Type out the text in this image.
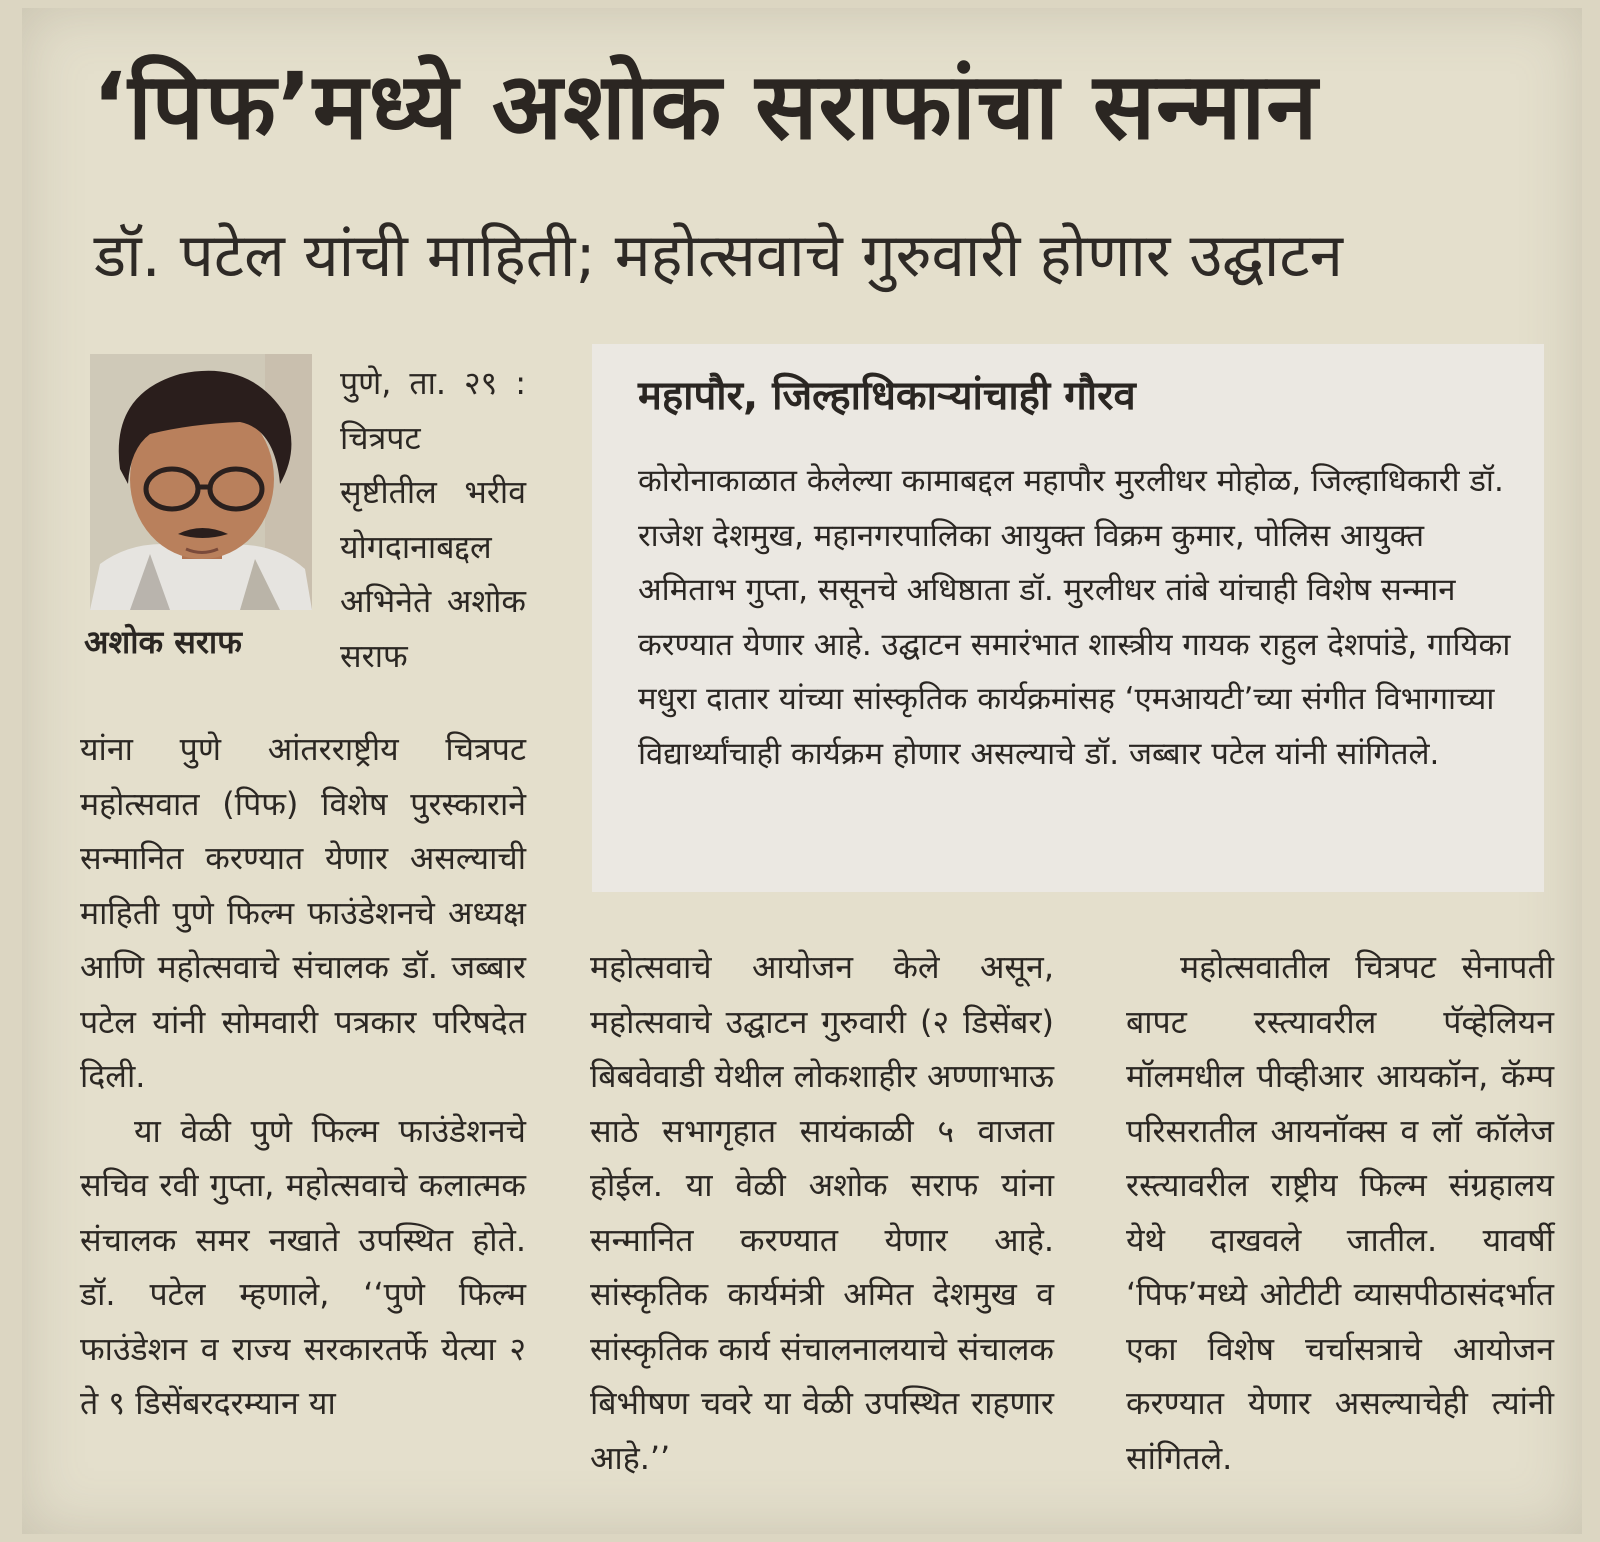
‘पिफ’मध्ये अशोक सराफांचा सन्मान
डॉ. पटेल यांची माहिती; महोत्सवाचे गुरुवारी होणार उद्घाटन
अशोक सराफ

पुणे, ता. २९ : चित्रपट सृष्टीतील भरीव योगदानाबद्दल अभिनेते अशोक सराफ

यांना पुणे आंतरराष्ट्रीय चित्रपट महोत्सवात (पिफ) विशेष पुरस्काराने सन्मानित करण्यात येणार असल्याची माहिती पुणे फिल्म फाउंडेशनचे अध्यक्ष आणि महोत्सवाचे संचालक डॉ. जब्बार पटेल यांनी सोमवारी पत्रकार परिषदेत दिली.

या वेळी पुणे फिल्म फाउंडेशनचे सचिव रवी गुप्ता, महोत्सवाचे कलात्मक संचालक समर नखाते उपस्थित होते. डॉ. पटेल म्हणाले, ‘‘पुणे फिल्म फाउंडेशन व राज्य सरकारतर्फे येत्या २ ते ९ डिसेंबरदरम्यान या

महापौर, जिल्हाधिकाऱ्यांचाही गौरव
कोरोनाकाळात केलेल्या कामाबद्दल महापौर मुरलीधर मोहोळ, जिल्हाधिकारी डॉ. राजेश देशमुख, महानगरपालिका आयुक्त विक्रम कुमार, पोलिस आयुक्त अमिताभ गुप्ता, ससूनचे अधिष्ठाता डॉ. मुरलीधर तांबे यांचाही विशेष सन्मान करण्यात येणार आहे. उद्घाटन समारंभात शास्त्रीय गायक राहुल देशपांडे, गायिका मधुरा दातार यांच्या सांस्कृतिक कार्यक्रमांसह ‘एमआयटी’च्या संगीत विभागाच्या विद्यार्थ्यांचाही कार्यक्रम होणार असल्याचे डॉ. जब्बार पटेल यांनी सांगितले.

महोत्सवाचे आयोजन केले असून, महोत्सवाचे उद्घाटन गुरुवारी (२ डिसेंबर) बिबवेवाडी येथील लोकशाहीर अण्णाभाऊ साठे सभागृहात सायंकाळी ५ वाजता होईल. या वेळी अशोक सराफ यांना सन्मानित करण्यात येणार आहे. सांस्कृतिक कार्यमंत्री अमित देशमुख व सांस्कृतिक कार्य संचालनालयाचे संचालक बिभीषण चवरे या वेळी उपस्थित राहणार आहे.’’

महोत्सवातील चित्रपट सेनापती बापट रस्त्यावरील पॅव्हेलियन मॉलमधील पीव्हीआर आयकॉन, कॅम्प परिसरातील आयनॉक्स व लॉ कॉलेज रस्त्यावरील राष्ट्रीय फिल्म संग्रहालय येथे दाखवले जातील. यावर्षी ‘पिफ’मध्ये ओटीटी व्यासपीठासंदर्भात एका विशेष चर्चासत्राचे आयोजन करण्यात येणार असल्याचेही त्यांनी सांगितले.
